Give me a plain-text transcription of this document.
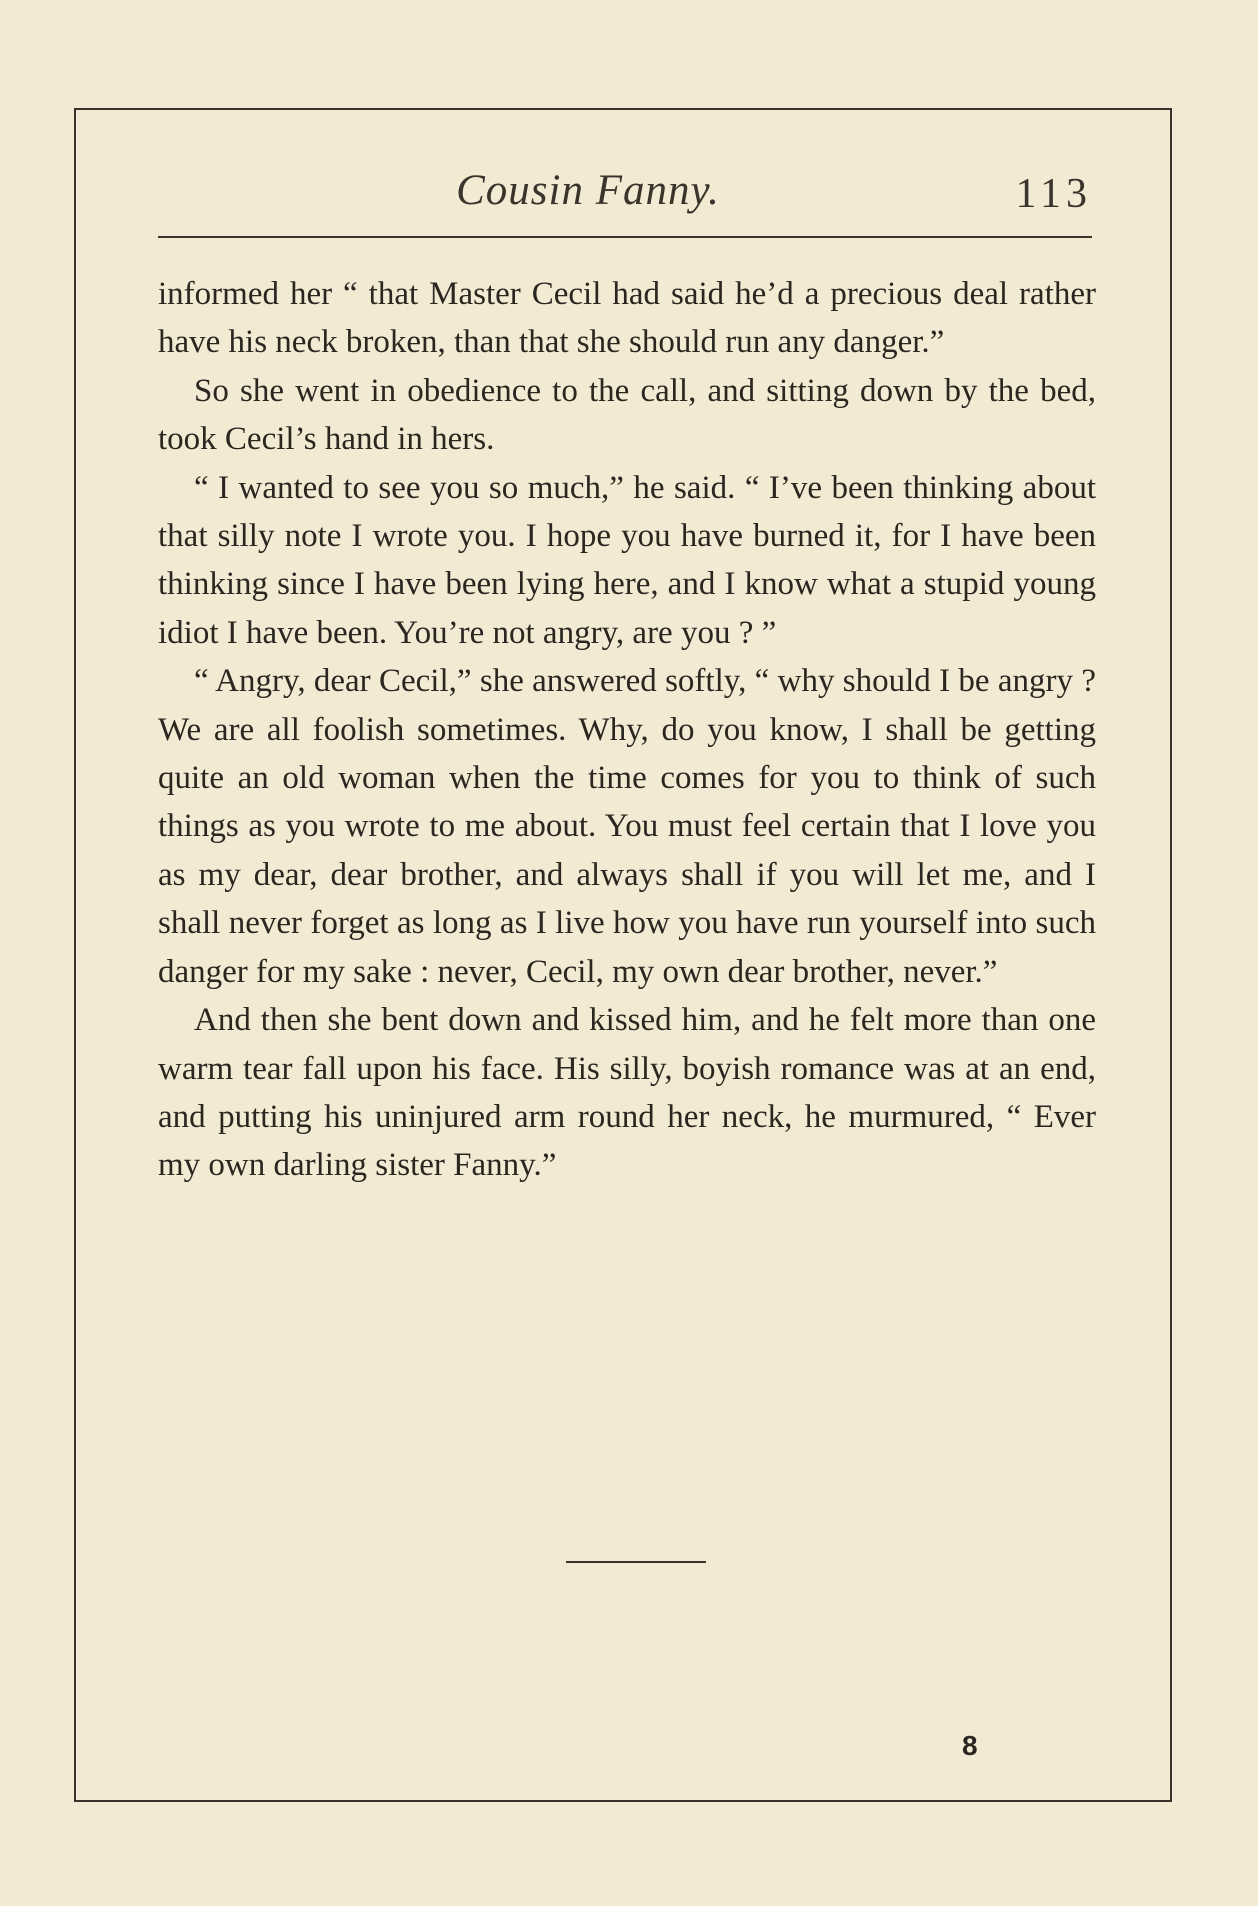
Cousin Fanny.	113

informed her “ that Master Cecil had said he’d a precious deal rather have his neck broken, than that she should run any danger.”

So she went in obedience to the call, and sitting down by the bed, took Cecil’s hand in hers.

“ I wanted to see you so much,” he said. “ I’ve been thinking about that silly note I wrote you. I hope you have burned it, for I have been thinking since I have been lying here, and I know what a stupid young idiot I have been. You’re not angry, are you ? ”

“ Angry, dear Cecil,” she answered softly, “ why should I be angry ? We are all foolish sometimes. Why, do you know, I shall be getting quite an old woman when the time comes for you to think of such things as you wrote to me about. You must feel certain that I love you as my dear, dear brother, and always shall if you will let me, and I shall never forget as long as I live how you have run yourself into such danger for my sake : never, Cecil, my own dear brother, never.”

And then she bent down and kissed him, and he felt more than one warm tear fall upon his face. His silly, boyish romance was at an end, and putting his uninjured arm round her neck, he murmured, “ Ever my own darling sister Fanny.”

8
